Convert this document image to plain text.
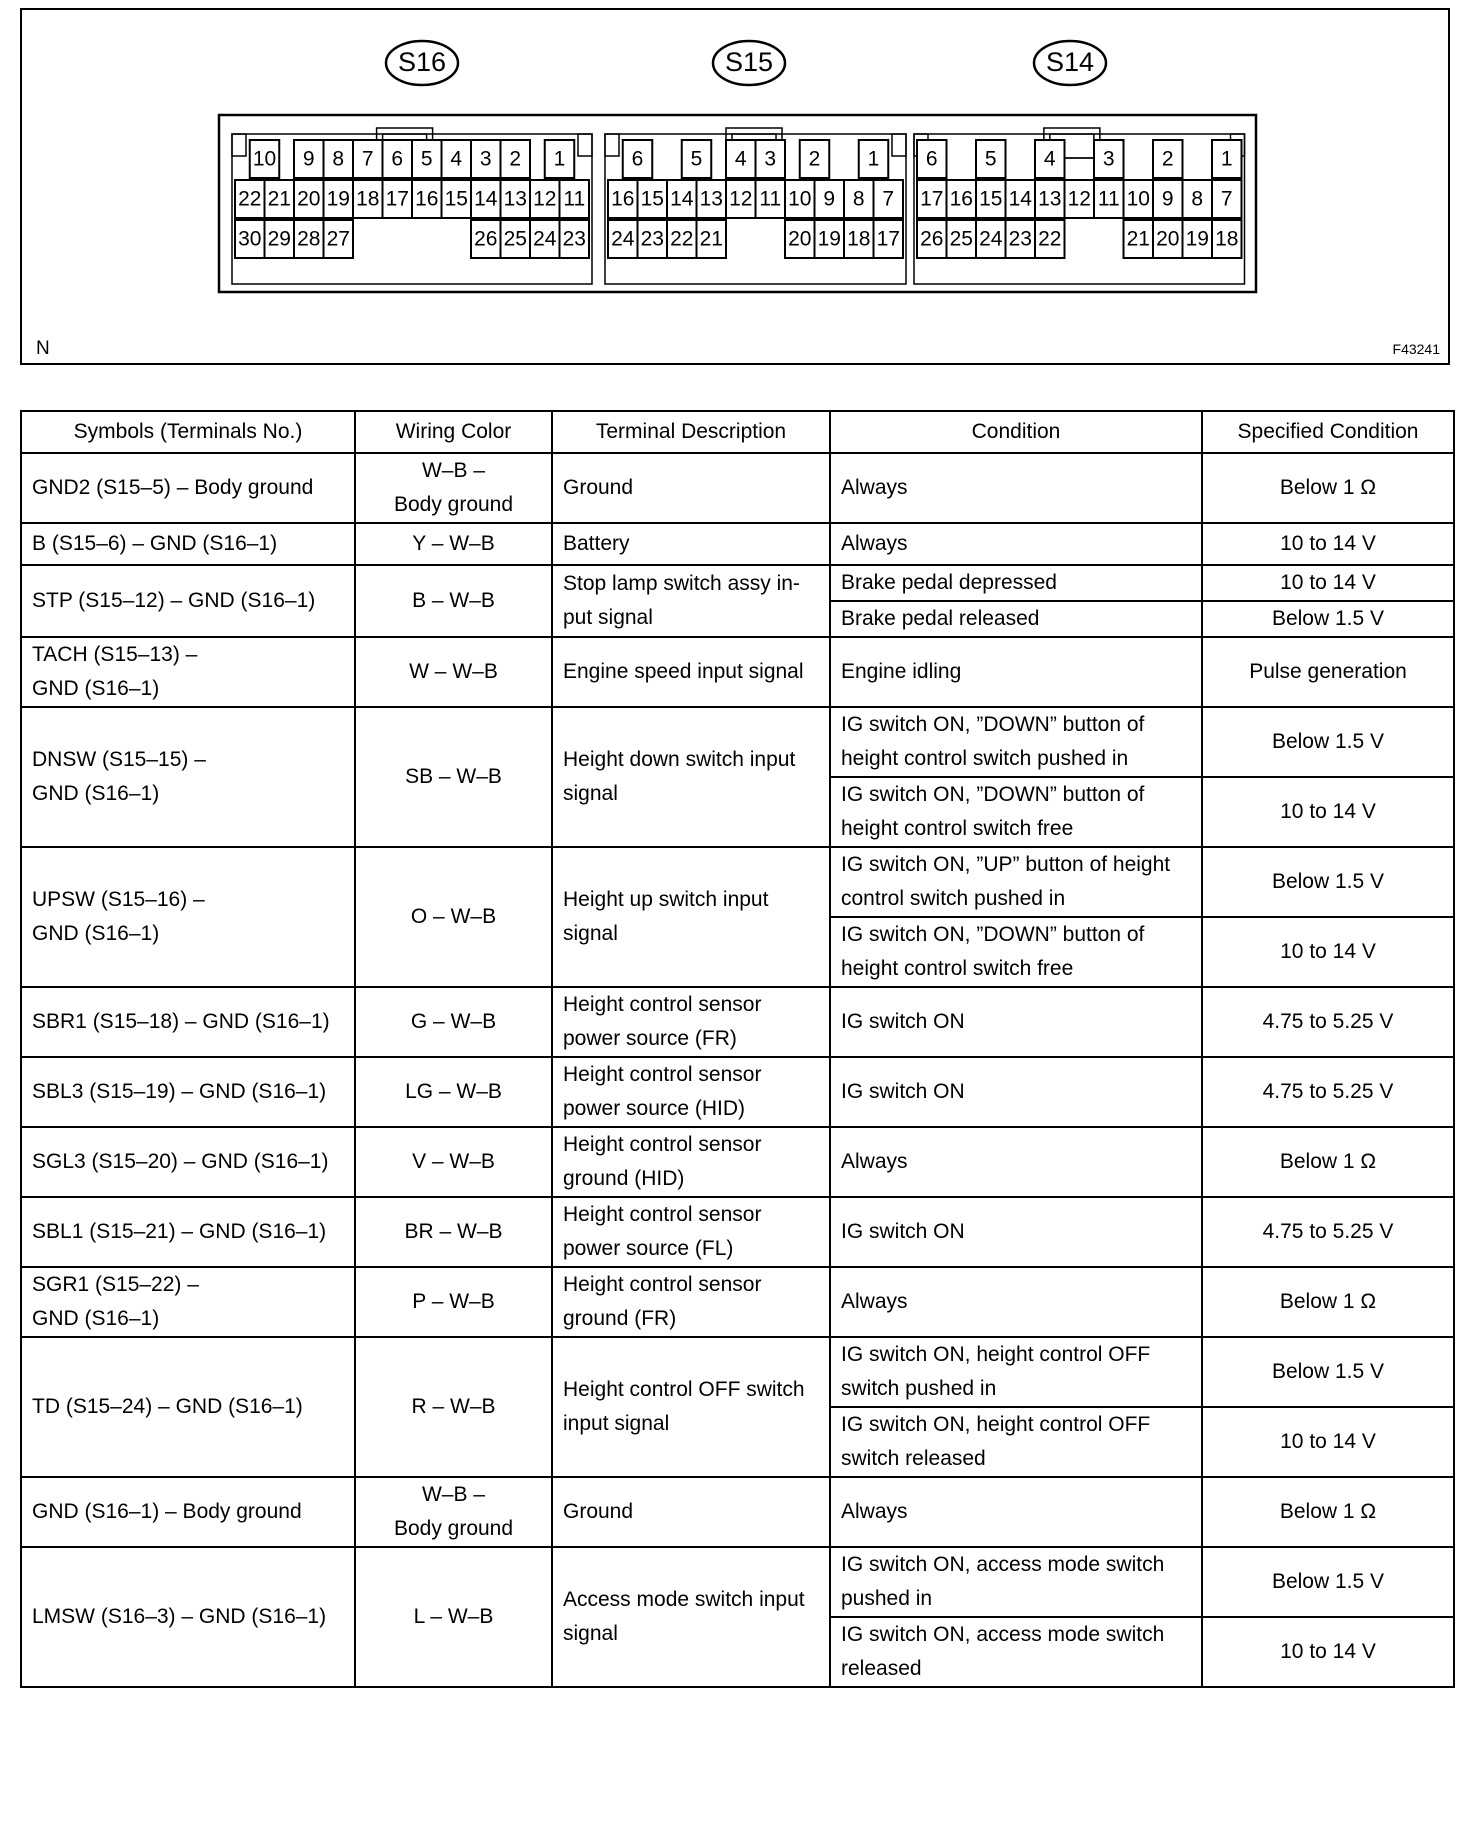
S16
10 9 8 7 6 5 4 3 2 1
22 21 20 19 18 17 16 15 14 13 12 11
30 29 28 27	26 25 24 23
S15
6 5 4 3 2 1
16 15 14 13 12 11 10 9 8 7
24 23 22 21	20 19 18 17
S14
6 5 4 3 2 1
17 16 15 14 13 12 11 10 9 8 7
26 25 24 23 22	21 20 19 18
N	F43241
Symbols (Terminals No.)	Wiring Color	Terminal Description	Condition	Specified Condition
GND2 (S15–5) – Body ground	W–B –
Body ground	Ground	Always	Below 1 Ω
B (S15–6) – GND (S16–1)	Y – W–B	Battery	Always	10 to 14 V
STP (S15–12) – GND (S16–1)	B – W–B	Stop lamp switch assy in-
put signal	Brake pedal depressed	10 to 14 V
			Brake pedal released	Below 1.5 V
TACH (S15–13) –
GND (S16–1)	W – W–B	Engine speed input signal	Engine idling	Pulse generation
DNSW (S15–15) –
GND (S16–1)	SB – W–B	Height down switch input
signal	IG switch ON, ”DOWN” button of
height control switch pushed in	Below 1.5 V
			IG switch ON, ”DOWN” button of
height control switch free	10 to 14 V
UPSW (S15–16) –
GND (S16–1)	O – W–B	Height up switch input
signal	IG switch ON, ”UP” button of height
control switch pushed in	Below 1.5 V
			IG switch ON, ”DOWN” button of
height control switch free	10 to 14 V
SBR1 (S15–18) – GND (S16–1)	G – W–B	Height control sensor
power source (FR)	IG switch ON	4.75 to 5.25 V
SBL3 (S15–19) – GND (S16–1)	LG – W–B	Height control sensor
power source (HID)	IG switch ON	4.75 to 5.25 V
SGL3 (S15–20) – GND (S16–1)	V – W–B	Height control sensor
ground (HID)	Always	Below 1 Ω
SBL1 (S15–21) – GND (S16–1)	BR – W–B	Height control sensor
power source (FL)	IG switch ON	4.75 to 5.25 V
SGR1 (S15–22) –
GND (S16–1)	P – W–B	Height control sensor
ground (FR)	Always	Below 1 Ω
TD (S15–24) – GND (S16–1)	R – W–B	Height control OFF switch
input signal	IG switch ON, height control OFF
switch pushed in	Below 1.5 V
			IG switch ON, height control OFF
switch released	10 to 14 V
GND (S16–1) – Body ground	W–B –
Body ground	Ground	Always	Below 1 Ω
LMSW (S16–3) – GND (S16–1)	L – W–B	Access mode switch input
signal	IG switch ON, access mode switch
pushed in	Below 1.5 V
			IG switch ON, access mode switch
released	10 to 14 V
